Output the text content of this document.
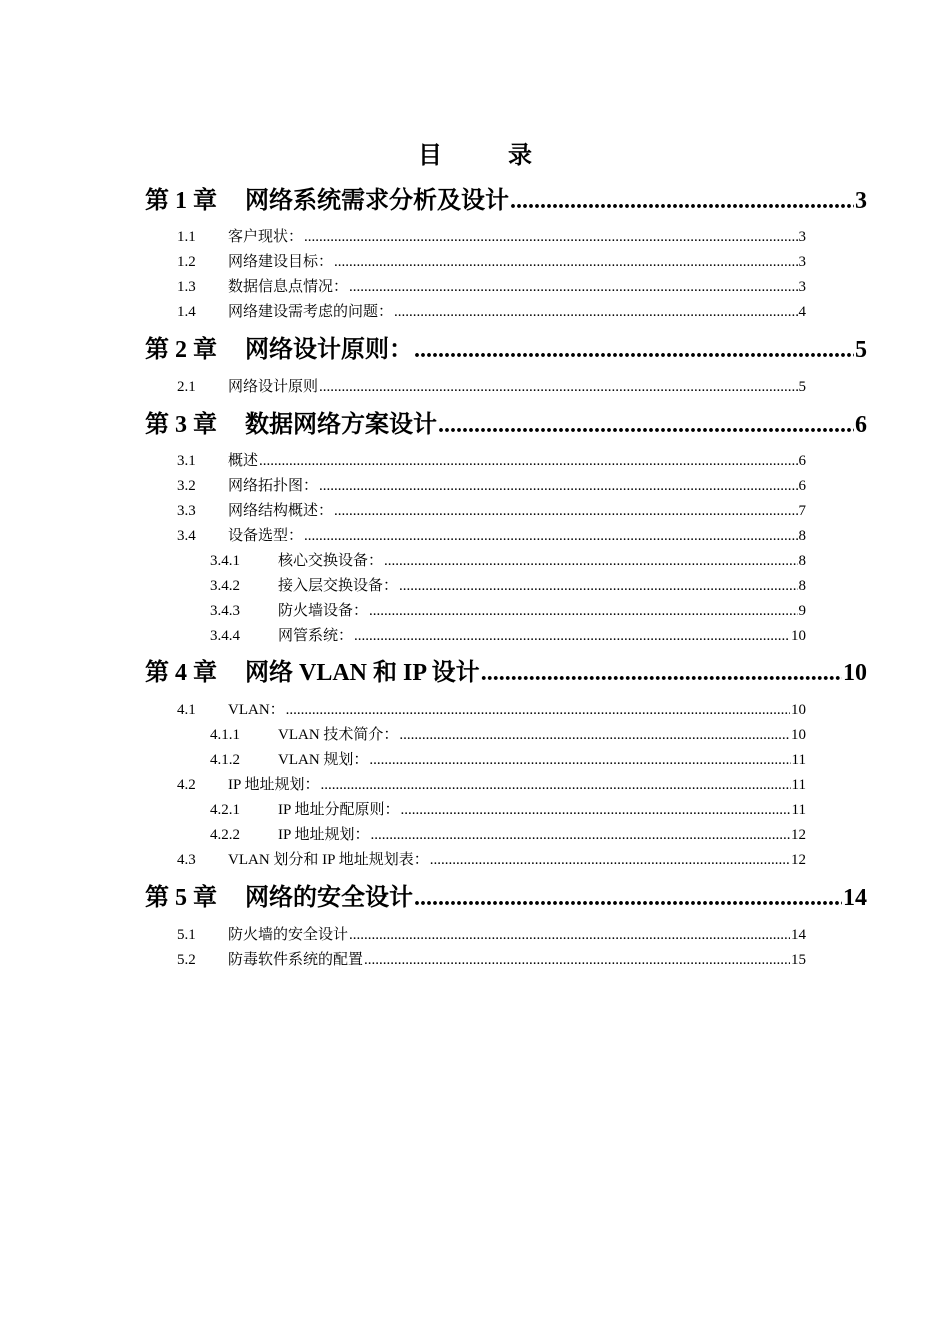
目 录
第 1 章	网络系统需求分析及设计 .....	3
1.1	客户现状： .....	3
1.2	网络建设目标： .....	3
1.3	数据信息点情况： .....	3
1.4	网络建设需考虑的问题： .....	4
第 2 章	网络设计原则： .....	5
2.1	网络设计原则 .....	5
第 3 章	数据网络方案设计 .....	6
3.1	概述 .....	6
3.2	网络拓扑图： .....	6
3.3	网络结构概述： .....	7
3.4	设备选型： .....	8
3.4.1	核心交换设备： .....	8
3.4.2	接入层交换设备： .....	8
3.4.3	防火墙设备： .....	9
3.4.4	网管系统： .....	10
第 4 章	网络 VLAN 和 IP 设计 .....	10
4.1	VLAN： .....	10
4.1.1	VLAN 技术简介： .....	10
4.1.2	VLAN 规划： .....	11
4.2	IP 地址规划： .....	11
4.2.1	IP 地址分配原则： .....	11
4.2.2	IP 地址规划： .....	12
4.3	VLAN 划分和 IP 地址规划表： .....	12
第 5 章	网络的安全设计 .....	14
5.1	防火墙的安全设计 .....	14
5.2	防毒软件系统的配置 .....	15
